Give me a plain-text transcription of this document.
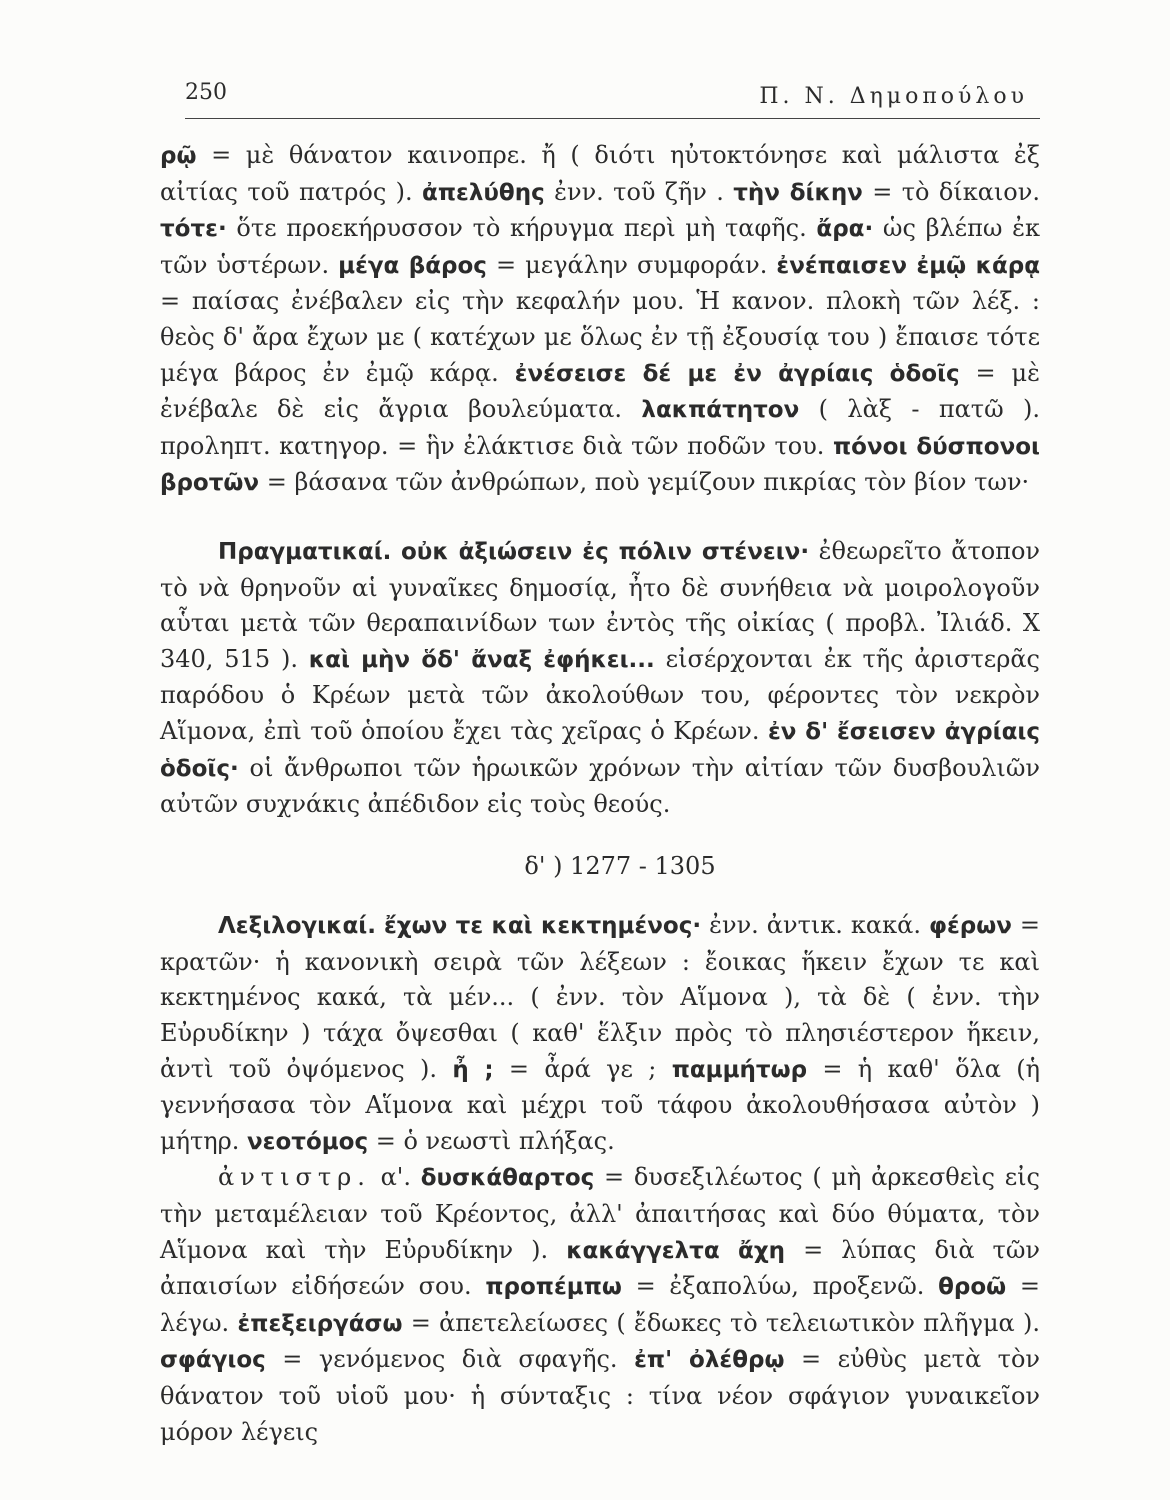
250	Π. Ν. Δημοπούλου

ρῷ = μὲ θάνατον καινοπρε. ἤ ( διότι ηὐτοκτόνησε καὶ μάλιστα ἐξ αἰτίας τοῦ πατρός ). ἀπελύθης ἐνν. τοῦ ζῆν . τὴν δίκην = τὸ δίκαιον. τότε· ὅτε προεκήρυσσον τὸ κήρυγμα περὶ μὴ ταφῆς. ἄρα· ὡς βλέπω ἐκ τῶν ὑστέρων. μέγα βάρος = μεγάλην συμφοράν. ἐνέπαισεν ἐμῷ κάρᾳ = παίσας ἐνέβαλεν εἰς τὴν κεφαλήν μου. Ἡ κανον. πλοκὴ τῶν λέξ. : θεὸς δ' ἄρα ἔχων με ( κατέχων με ὅλως ἐν τῇ ἐξουσίᾳ του ) ἔπαισε τότε μέγα βάρος ἐν ἐμῷ κάρᾳ. ἐνέσεισε δέ με ἐν ἀγρίαις ὁδοῖς = μὲ ἐνέβαλε δὲ εἰς ἄγρια βουλεύματα. λακπάτητον ( λὰξ - πατῶ ). προληπτ. κατηγορ. = ἣν ἐλάκτισε διὰ τῶν ποδῶν του. πόνοι δύσπονοι βροτῶν = βάσανα τῶν ἀνθρώπων, ποὺ γεμίζουν πικρίας τὸν βίον των·

Πραγματικαί. οὐκ ἀξιώσειν ἐς πόλιν στένειν· ἐθεωρεῖτο ἄτοπον τὸ νὰ θρηνοῦν αἱ γυναῖκες δημοσίᾳ, ἦτο δὲ συνήθεια νὰ μοιρολογοῦν αὗται μετὰ τῶν θεραπαινίδων των ἐντὸς τῆς οἰκίας ( προβλ. Ἰλιάδ. Χ 340, 515 ). καὶ μὴν ὅδ' ἄναξ ἐφήκει... εἰσέρχονται ἐκ τῆς ἀριστερᾶς παρόδου ὁ Κρέων μετὰ τῶν ἀκολούθων του, φέροντες τὸν νεκρὸν Αἵμονα, ἐπὶ τοῦ ὁποίου ἔχει τὰς χεῖρας ὁ Κρέων. ἐν δ' ἔσεισεν ἀγρίαις ὁδοῖς· οἱ ἄνθρωποι τῶν ἡρωικῶν χρόνων τὴν αἰτίαν τῶν δυσβουλιῶν αὐτῶν συχνάκις ἀπέδιδον εἰς τοὺς θεούς.

δ' ) 1277 - 1305

Λεξιλογικαί. ἔχων τε καὶ κεκτημένος· ἐνν. ἀντικ. κακά. φέρων = κρατῶν· ἡ κανονικὴ σειρὰ τῶν λέξεων : ἔοικας ἥκειν ἔχων τε καὶ κεκτημένος κακά, τὰ μέν... ( ἐνν. τὸν Αἵμονα ), τὰ δὲ ( ἐνν. τὴν Εὐρυδίκην ) τάχα ὄψεσθαι ( καθ' ἕλξιν πρὸς τὸ πλησιέστερον ἥκειν, ἀντὶ τοῦ ὀψόμενος ). ἦ ; = ἆρά γε ; παμμήτωρ = ἡ καθ' ὅλα (ἡ γεννήσασα τὸν Αἵμονα καὶ μέχρι τοῦ τάφου ἀκολουθήσασα αὐτὸν ) μήτηρ. νεοτόμος = ὁ νεωστὶ πλήξας.

ἀντιστρ. α'. δυσκάθαρτος = δυσεξιλέωτος ( μὴ ἀρκεσθεὶς εἰς τὴν μεταμέλειαν τοῦ Κρέοντος, ἀλλ' ἀπαιτήσας καὶ δύο θύματα, τὸν Αἵμονα καὶ τὴν Εὐρυδίκην ). κακάγγελτα ἄχη = λύπας διὰ τῶν ἀπαισίων εἰδήσεών σου. προπέμπω = ἐξαπολύω, προξενῶ. θροῶ = λέγω. ἐπεξειργάσω = ἀπετελείωσες ( ἔδωκες τὸ τελειωτικὸν πλῆγμα ). σφάγιος = γενόμενος διὰ σφαγῆς. ἐπ' ὀλέθρῳ = εὐθὺς μετὰ τὸν θάνατον τοῦ υἱοῦ μου· ἡ σύνταξις : τίνα νέον σφάγιον γυναικεῖον μόρον λέγεις
